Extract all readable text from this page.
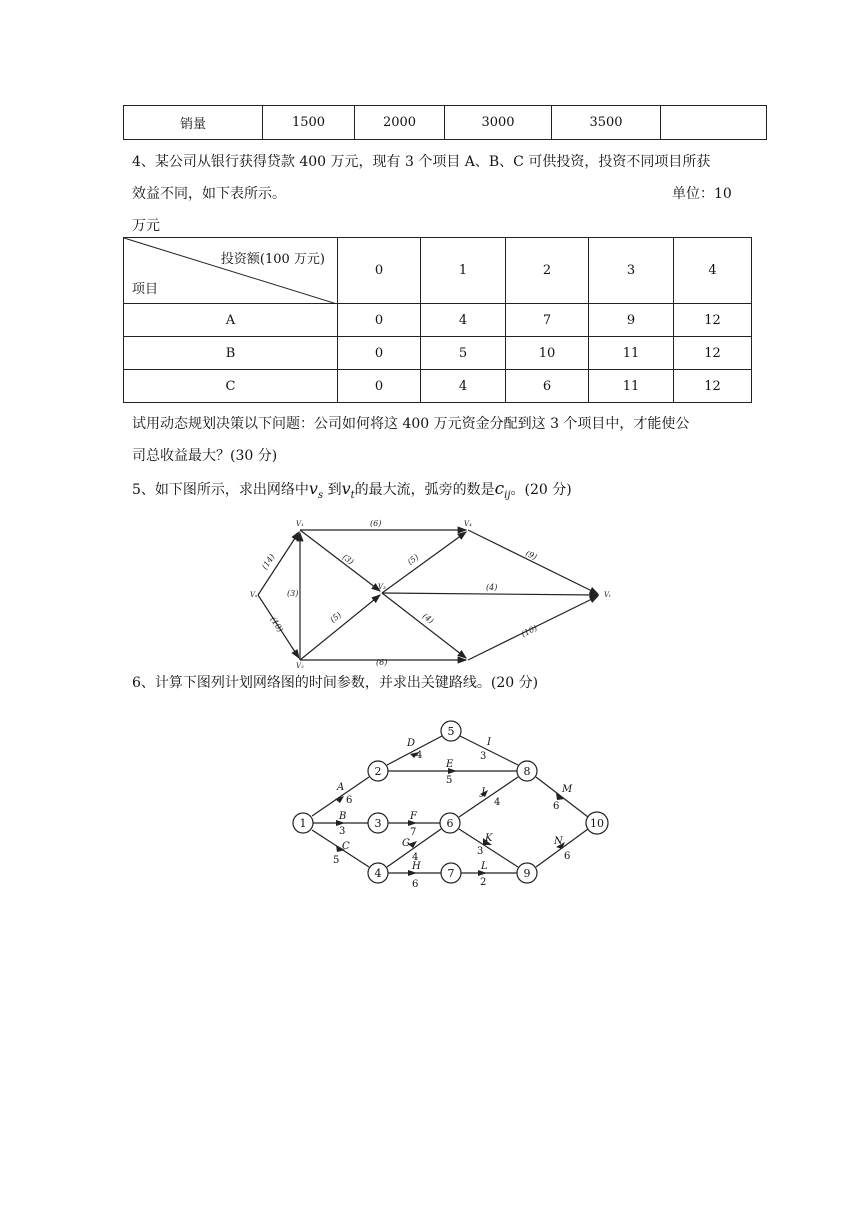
销量	1500	2000	3000	3500	
4、某公司从银行获得贷款 400 万元，现有 3 个项目 A、B、C 可供投资，投资不同项目所获
效益不同，如下表所示。	单位：10
万元
投资额(100 万元)
项目	0	1	2	3	4
A	0	4	7	9	12
B	0	5	10	11	12
C	0	4	6	11	12
试用动态规划决策以下问题：公司如何将这 400 万元资金分配到这 3 个项目中，才能使公
司总收益最大？(30 分)
5、如下图所示，求出网络中$v_s$ 到$v_t$的最大流，弧旁的数是$c_{ij}$。(20 分)
V₁
V₂
V₃
V₄
Vₛ	Vₜ
(14)
(10)
(6)
(3)
(3)
(5)
(6)
(5)
(4)
(4)
(9)
(10)
6、计算下图列计划网络图的时间参数，并求出关键路线。(20 分)
1
2
3
4
5
6
7
8
9
10
A
B
C
D
E
F
G
H
I
J
K
L
M
N
6
3
5
4
5
7
4
6
3
4
3
2
6
6
